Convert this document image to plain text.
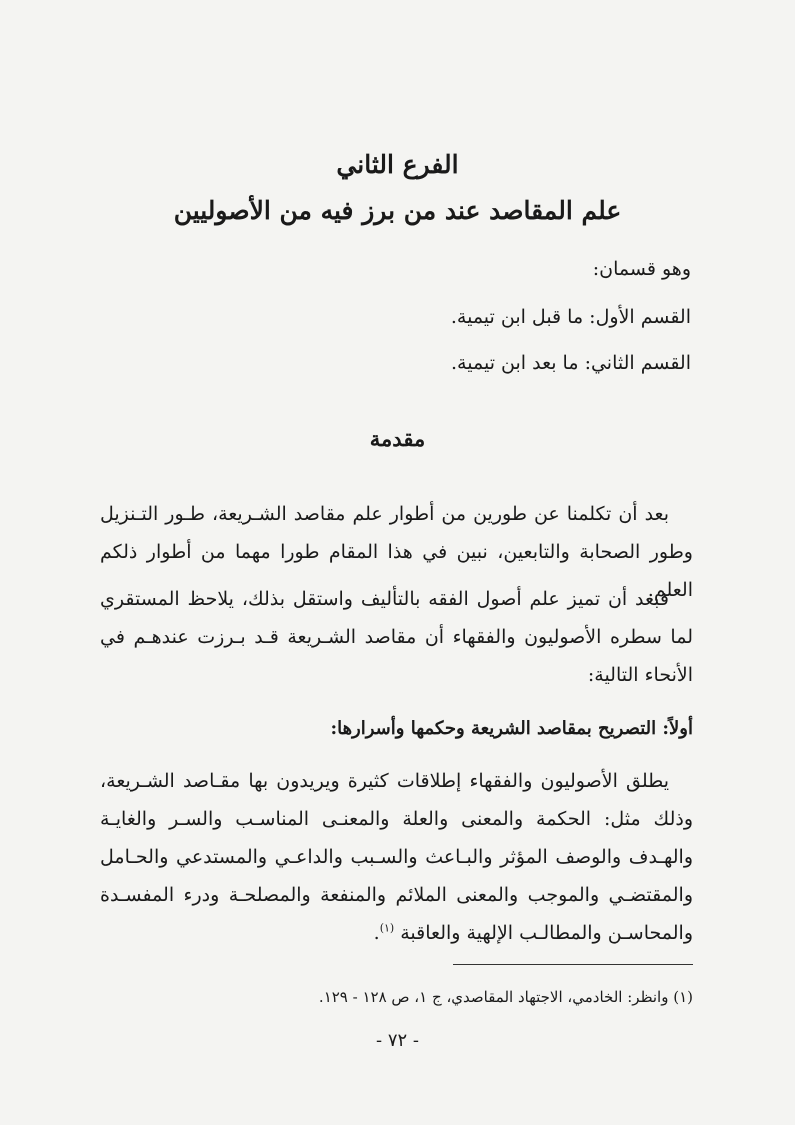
الفرع الثاني
علم المقاصد عند من برز فيه من الأصوليين

وهو قسمان:

القسم الأول: ما قبل ابن تيمية.

القسم الثاني: ما بعد ابن تيمية.

مقدمة

بعد أن تكلمنا عن طورين من أطوار علم مقاصد الشـريعة، طـور التـنزيل وطور الصحابة والتابعين، نبين في هذا المقام طورا مهما من أطوار ذلكم العلم.

فبعد أن تميز علم أصول الفقه بالتأليف واستقل بذلك، يلاحظ المستقري لما سطره الأصوليون والفقهاء أن مقاصد الشـريعة قـد بـرزت عندهـم في الأنحاء التالية:

أولاً: التصريح بمقاصد الشريعة وحكمها وأسرارها:

يطلق الأصوليون والفقهاء إطلاقات كثيرة ويريدون بها مقـاصد الشـريعة، وذلك مثل: الحكمة والمعنى والعلة والمعنـى المناسـب والسـر والغايـة والهـدف والوصف المؤثر والبـاعث والسـبب والداعـي والمستدعي والحـامل والمقتضـي والموجب والمعنى الملائم والمنفعة والمصلحـة ودرء المفسـدة والمحاسـن والمطالـب الإلهية والعاقبة $^{(١)}$.

(١) وانظر: الخادمي، الاجتهاد المقاصدي، ج ١، ص ١٢٨ - ١٢٩.

- ٧٢ -
